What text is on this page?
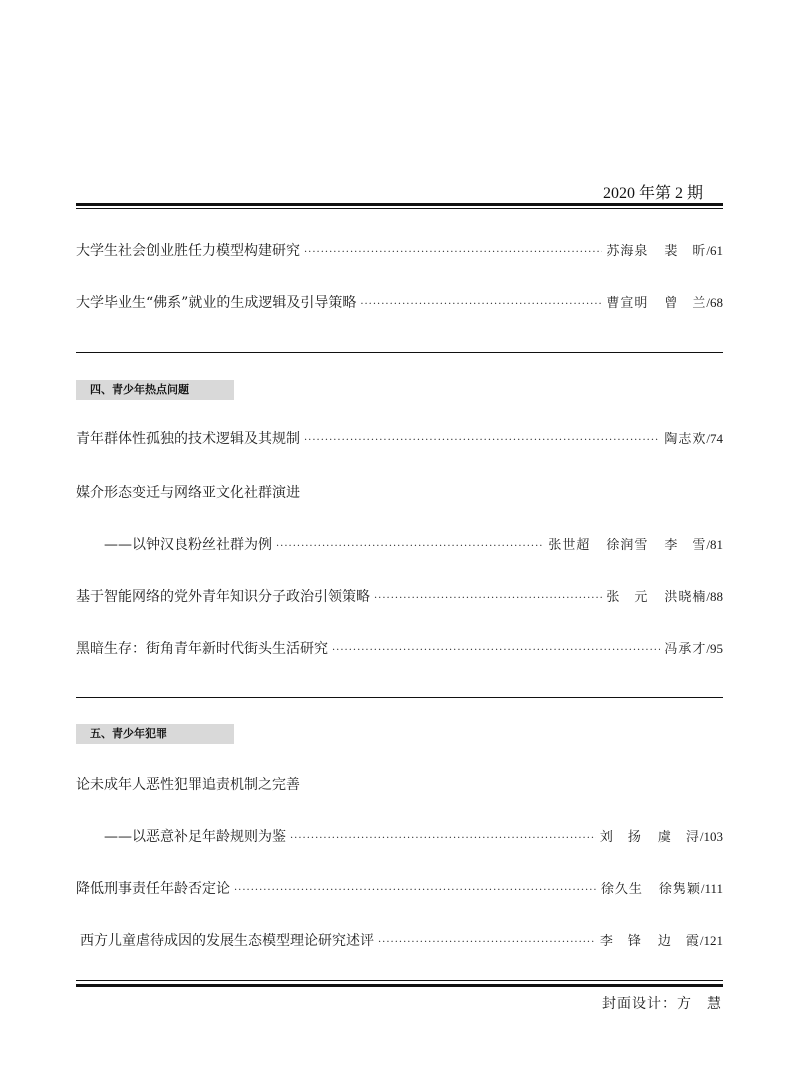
2020 年第 2 期
大学生社会创业胜任力模型构建研究 ·····	苏海泉 裴　昕 /61
大学毕业生“佛系”就业的生成逻辑及引导策略 ·····	曹宣明 曾　兰 /68
四、青少年热点问题
青年群体性孤独的技术逻辑及其规制 ·····	陶志欢 /74
媒介形态变迁与网络亚文化社群演进
——以钟汉良粉丝社群为例 ·····	张世超 徐润雪 李　雪 /81
基于智能网络的党外青年知识分子政治引领策略 ·····	张　元 洪晓楠 /88
黑暗生存：街角青年新时代街头生活研究 ·····	冯承才 /95
五、青少年犯罪
论未成年人恶性犯罪追责机制之完善
——以恶意补足年龄规则为鉴 ·····	刘　扬 虞　浔 /103
降低刑事责任年龄否定论 ·····	徐久生 徐隽颖 /111
西方儿童虐待成因的发展生态模型理论研究述评 ·····	李　锋 边　霞 /121
封面设计：方　慧
